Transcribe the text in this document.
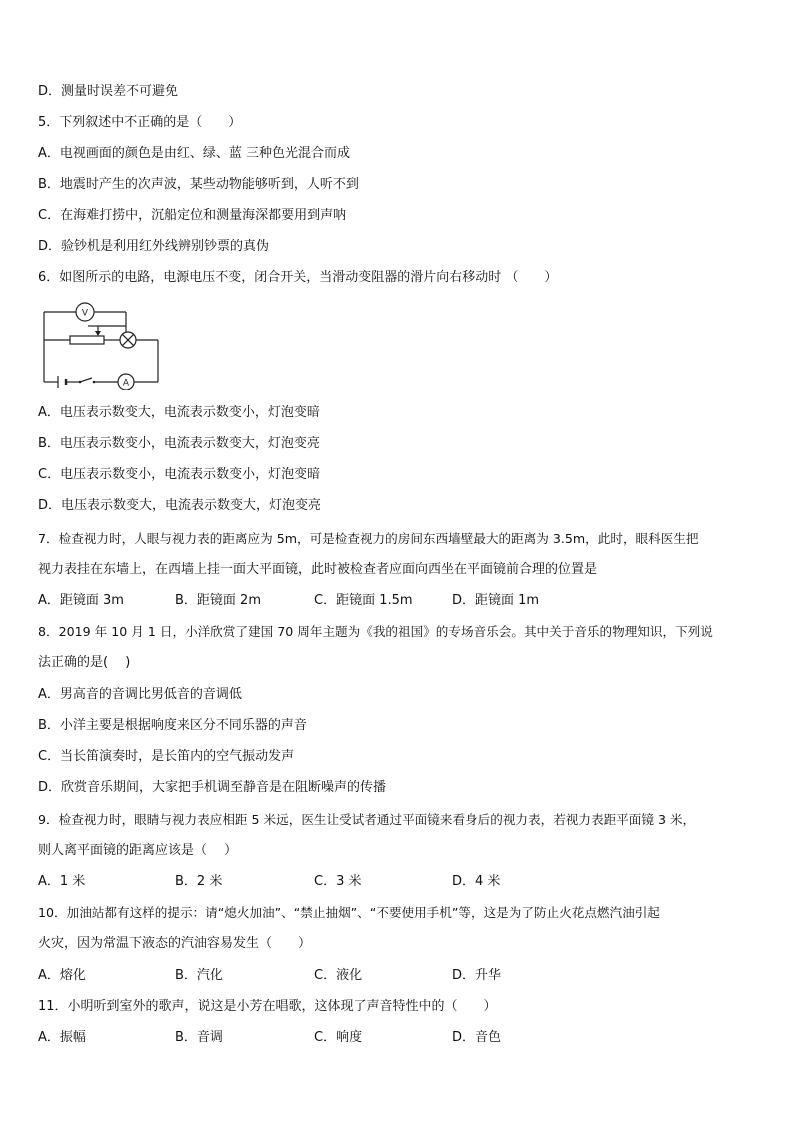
D．测量时误差不可避免
5．下列叙述中不正确的是（　　）
A．电视画面的颜色是由红、绿、蓝 三种色光混合而成
B．地震时产生的次声波，某些动物能够听到，人听不到
C．在海难打捞中，沉船定位和测量海深都要用到声呐
D．验钞机是利用红外线辨别钞票的真伪
6．如图所示的电路，电源电压不变，闭合开关，当滑动变阻器的滑片向右移动时 （　　）
V
A
A．电压表示数变大，电流表示数变小，灯泡变暗
B．电压表示数变小，电流表示数变大，灯泡变亮
C．电压表示数变小，电流表示数变小，灯泡变暗
D．电压表示数变大，电流表示数变大，灯泡变亮
7．检查视力时，人眼与视力表的距离应为 5m，可是检查视力的房间东西墙壁最大的距离为 3.5m，此时，眼科医生把
视力表挂在东墙上，在西墙上挂一面大平面镜，此时被检查者应面向西坐在平面镜前合理的位置是
A．距镜面 3m	B．距镜面 2m	C．距镜面 1.5m	D．距镜面 1m
8．2019 年 10 月 1 日，小洋欣赏了建国 70 周年主题为《我的祖国》的专场音乐会。其中关于音乐的物理知识，下列说
法正确的是(　 )
A．男高音的音调比男低音的音调低
B．小洋主要是根据响度来区分不同乐器的声音
C．当长笛演奏时，是长笛内的空气振动发声
D．欣赏音乐期间，大家把手机调至静音是在阻断噪声的传播
9．检查视力时，眼睛与视力表应相距 5 米远，医生让受试者通过平面镜来看身后的视力表，若视力表距平面镜 3 米，
则人离平面镜的距离应该是（　 ）
A．1 米	B．2 米	C．3 米	D．4 米
10．加油站都有这样的提示：请“熄火加油”、“禁止抽烟”、“不要使用手机”等，这是为了防止火花点燃汽油引起
火灾，因为常温下液态的汽油容易发生（　　）
A．熔化	B．汽化	C．液化	D．升华
11．小明听到室外的歌声，说这是小芳在唱歌，这体现了声音特性中的（　　）
A．振幅	B．音调	C．响度	D．音色
